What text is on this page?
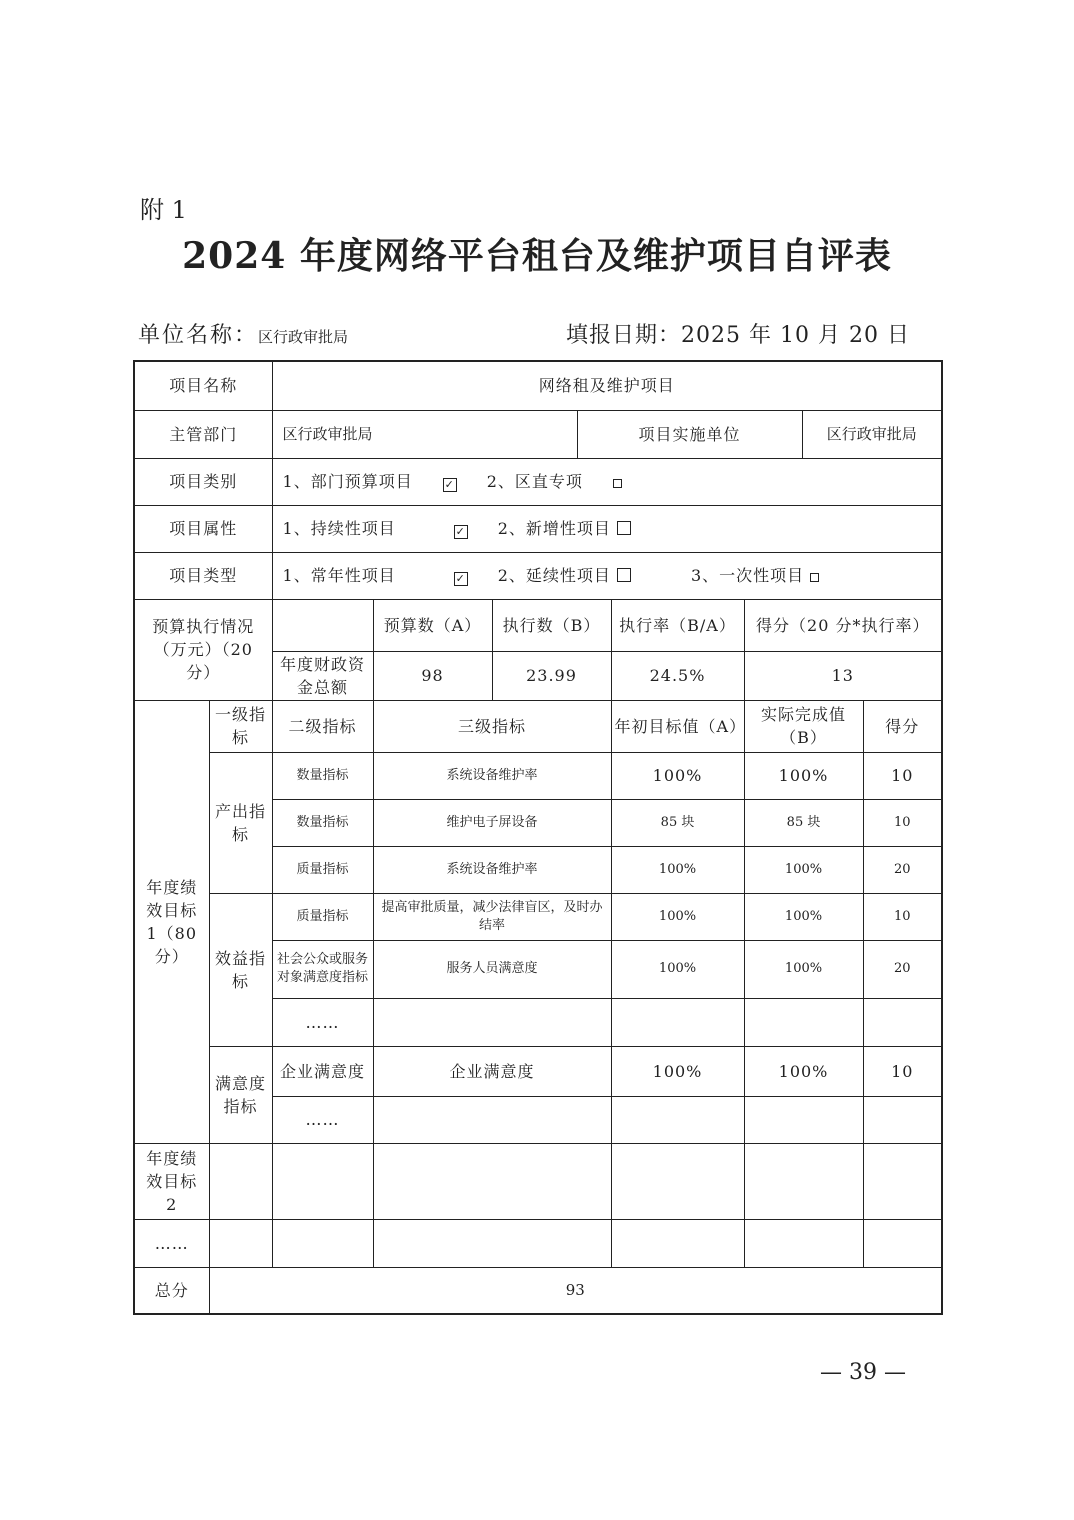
附 1
2024 年度网络平台租台及维护项目自评表
单位名称：区行政审批局	填报日期：2025 年 10 月 20 日
项目名称		网络租及维护项目							
主管部门		区行政审批局			项目实施单位			区行政审批局	
项目类别		1、部门预算项目 ✓ 2、区直专项							
项目属性		1、持续性项目 ✓ 2、新增性项目							
项目类型		1、常年性项目 ✓ 2、延续性项目 3、一次性项目							
预算执行情况（万元）（20 分）			预算数（A）	执行数（B）		执行率（B/A）	得分（20 分*执行率）		
		年度财政资金总额	98	23.99		24.5%	13		
年度绩效目标 1（80 分）	一级指标	二级指标	三级指标			年初目标值（A）	实际完成值（B）		得分
	产出指标	数量指标	系统设备维护率			100%	100%		10
		数量指标	维护电子屏设备			85 块	85 块		10
		质量指标	系统设备维护率			100%	100%		20
	效益指标	质量指标	提高审批质量，减少法律盲区，及时办结率			100%	100%		10
		社会公众或服务对象满意度指标	服务人员满意度			100%	100%		20
		……							
	满意度指标	企业满意度	企业满意度			100%	100%		10
		……							
年度绩效目标 2									
……									
总分	93								
— 39 —
